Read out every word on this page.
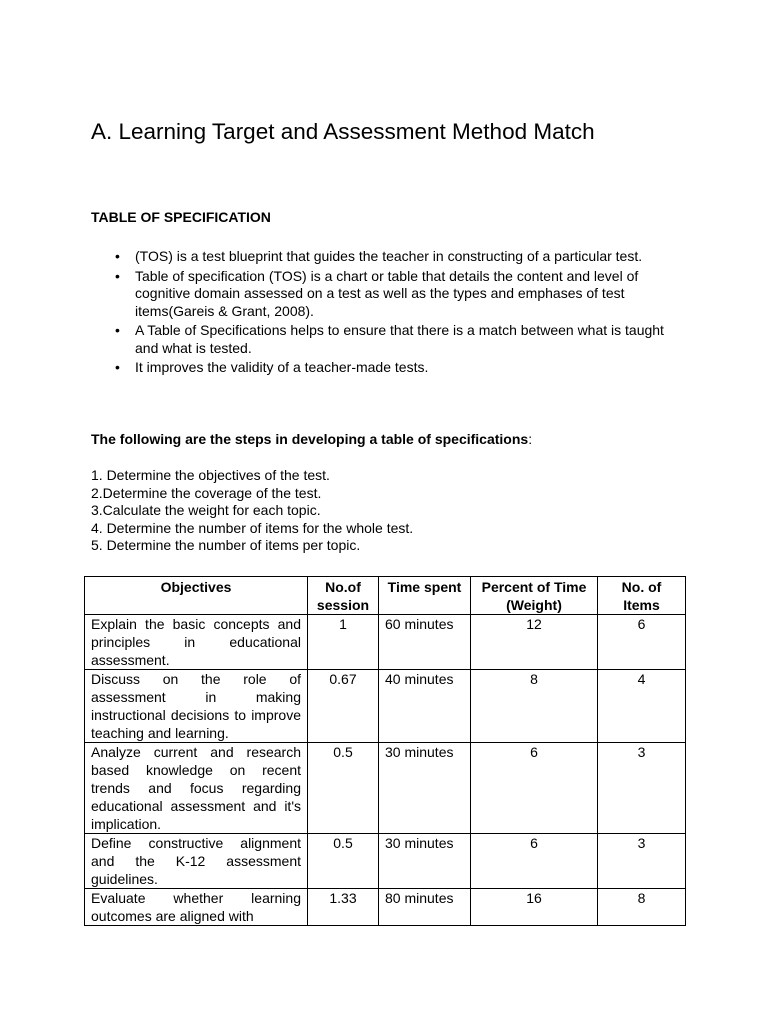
A. Learning Target and Assessment Method Match
TABLE OF SPECIFICATION
• (TOS) is a test blueprint that guides the teacher in constructing of a particular test.
• Table of specification (TOS) is a chart or table that details the content and level of cognitive domain assessed on a test as well as the types and emphases of test items(Gareis & Grant, 2008).
• A Table of Specifications helps to ensure that there is a match between what is taught and what is tested.
• It improves the validity of a teacher-made tests.

The following are the steps in developing a table of specifications:

1. Determine the objectives of the test.
2.Determine the coverage of the test.
3.Calculate the weight for each topic.
4. Determine the number of items for the whole test.
5. Determine the number of items per topic.
Objectives	No.of session	Time spent	Percent of Time (Weight)	No. of Items
Explain the basic concepts and principles in educational assessment.	1	60 minutes	12	6
Discuss on the role of assessment in making instructional decisions to improve teaching and learning.	0.67	40 minutes	8	4
Analyze current and research based knowledge on recent trends and focus regarding educational assessment and it's implication.	0.5	30 minutes	6	3
Define constructive alignment and the K-12 assessment guidelines.	0.5	30 minutes	6	3
Evaluate whether learning outcomes are aligned with	1.33	80 minutes	16	8
